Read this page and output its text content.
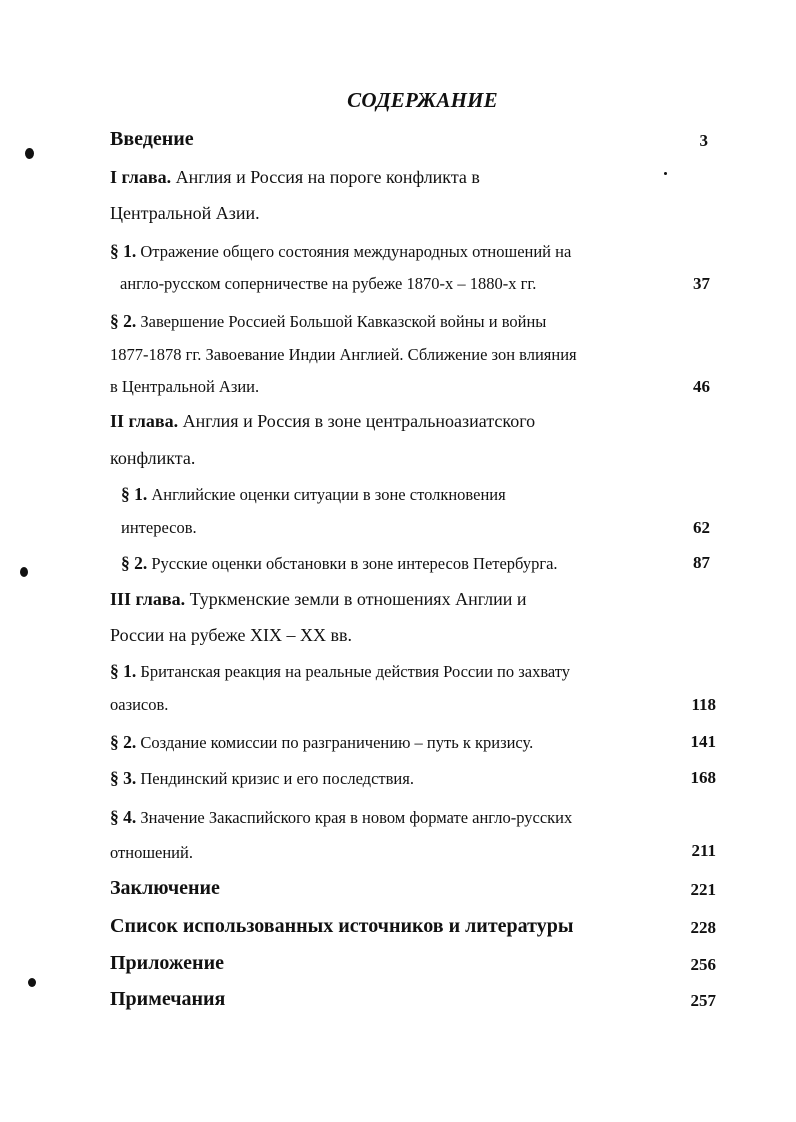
СОДЕРЖАНИЕ
Введение	3
I глава. Англия и Россия на пороге конфликта в
Центральной Азии.
§ 1. Отражение общего состояния международных отношений на
англо-русском соперничестве на рубеже 1870-х – 1880-х гг.	37
§ 2. Завершение Россией Большой Кавказской войны и войны
1877-1878 гг. Завоевание Индии Англией. Сближение зон влияния
в Центральной Азии.	46
II глава. Англия и Россия в зоне центральноазиатского
конфликта.
§ 1. Английские оценки ситуации в зоне столкновения
интересов.	62
§ 2. Русские оценки обстановки в зоне интересов Петербурга.	87
III глава. Туркменские земли в отношениях Англии и
России на рубеже XIX – XX вв.
§ 1. Британская реакция на реальные действия России по захвату
оазисов.	118
§ 2. Создание комиссии по разграничению – путь к кризису.	141
§ 3. Пендинский кризис и его последствия.	168
§ 4. Значение Закаспийского края в новом формате англо-русских
отношений.	211
Заключение	221
Список использованных источников и литературы	228
Приложение	256
Примечания	257
